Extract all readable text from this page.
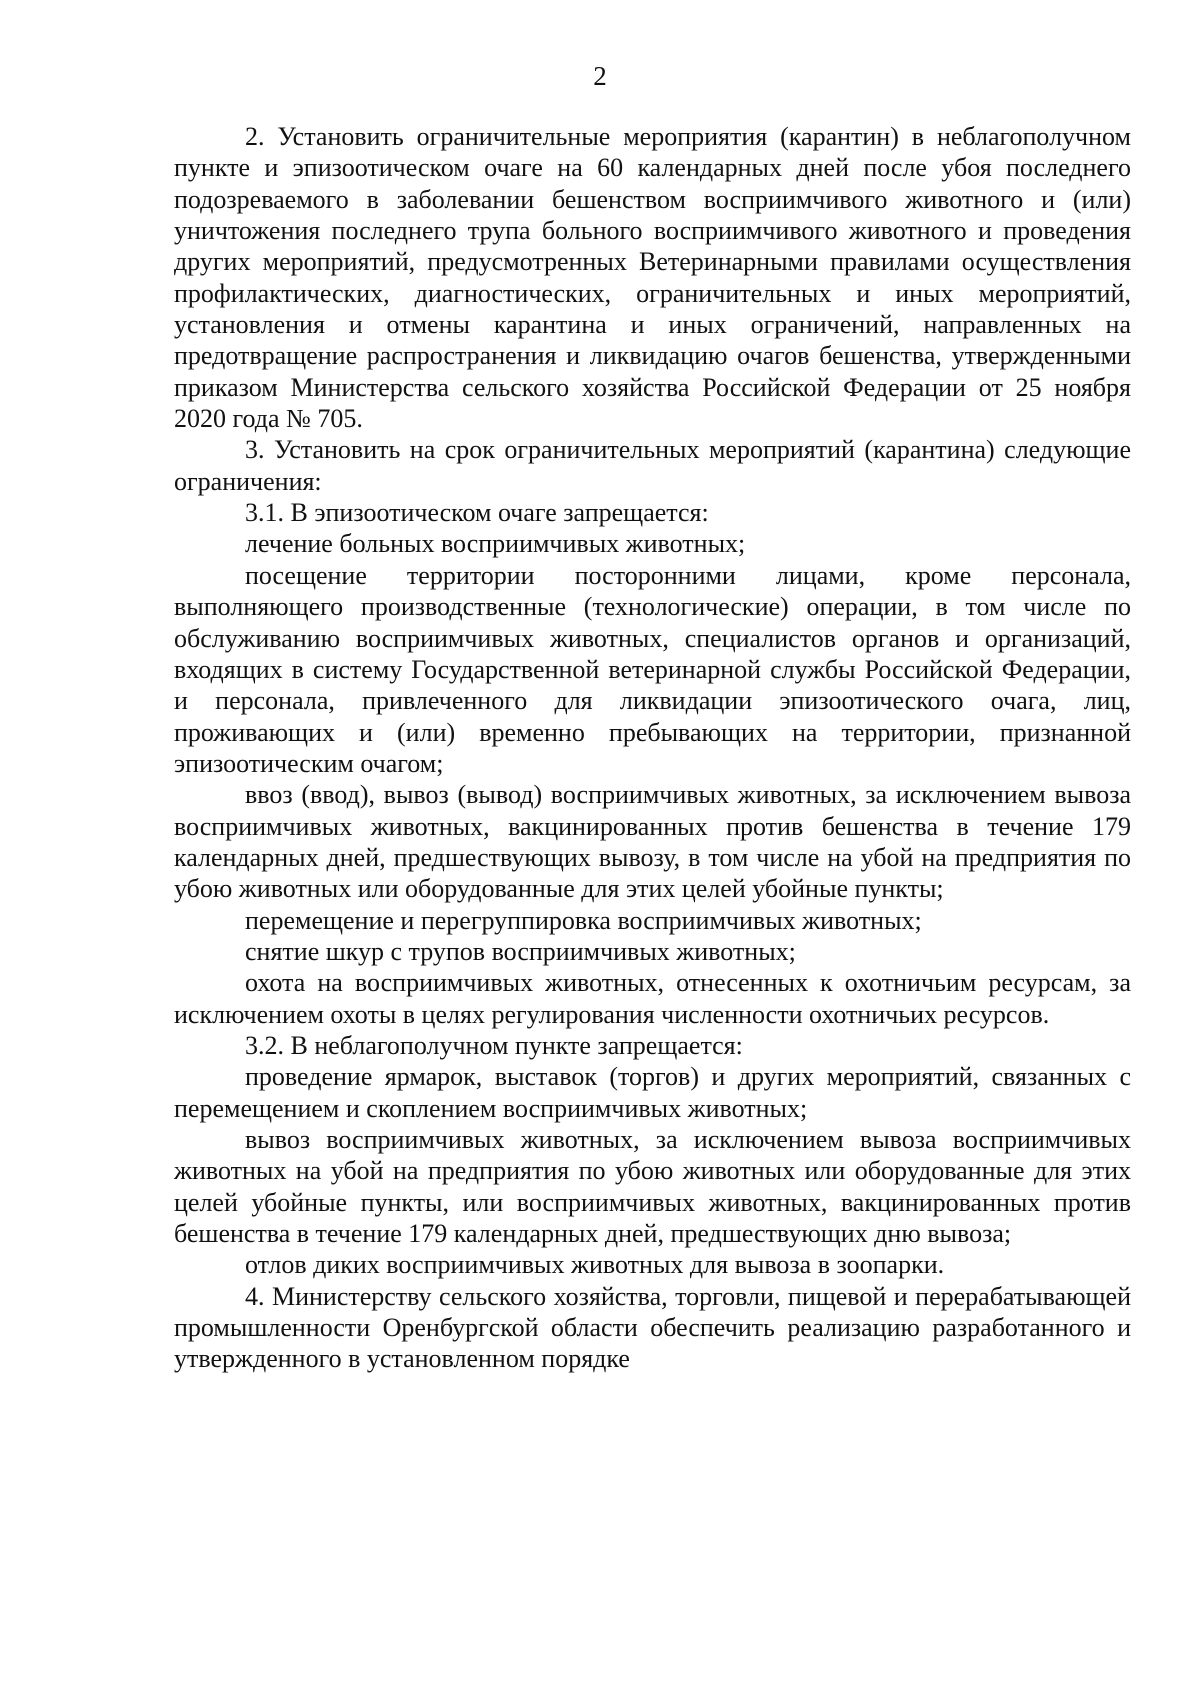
2

2. Установить ограничительные мероприятия (карантин) в неблагополучном пункте и эпизоотическом очаге на 60 календарных дней после убоя последнего подозреваемого в заболевании бешенством восприимчивого животного и (или) уничтожения последнего трупа больного восприимчивого животного и проведения других мероприятий, предусмотренных Ветеринарными правилами осуществления профилактических, диагностических, ограничительных и иных мероприятий, установления и отмены карантина и иных ограничений, направленных на предотвращение распространения и ликвидацию очагов бешенства, утвержденными приказом Министерства сельского хозяйства Российской Федерации от 25 ноября 2020 года № 705.

3. Установить на срок ограничительных мероприятий (карантина) следующие ограничения:

3.1. В эпизоотическом очаге запрещается:

лечение больных восприимчивых животных;

посещение территории посторонними лицами, кроме персонала, выполняющего производственные (технологические) операции, в том числе по обслуживанию восприимчивых животных, специалистов органов и организаций, входящих в систему Государственной ветеринарной службы Российской Федерации, и персонала, привлеченного для ликвидации эпизоотического очага, лиц, проживающих и (или) временно пребывающих на территории, признанной эпизоотическим очагом;

ввоз (ввод), вывоз (вывод) восприимчивых животных, за исключением вывоза восприимчивых животных, вакцинированных против бешенства в течение 179 календарных дней, предшествующих вывозу, в том числе на убой на предприятия по убою животных или оборудованные для этих целей убойные пункты;

перемещение и перегруппировка восприимчивых животных;

снятие шкур с трупов восприимчивых животных;

охота на восприимчивых животных, отнесенных к охотничьим ресурсам, за исключением охоты в целях регулирования численности охотничьих ресурсов.

3.2. В неблагополучном пункте запрещается:

проведение ярмарок, выставок (торгов) и других мероприятий, связанных с перемещением и скоплением восприимчивых животных;

вывоз восприимчивых животных, за исключением вывоза восприимчивых животных на убой на предприятия по убою животных или оборудованные для этих целей убойные пункты, или восприимчивых животных, вакцинированных против бешенства в течение 179 календарных дней, предшествующих дню вывоза;

отлов диких восприимчивых животных для вывоза в зоопарки.

4. Министерству сельского хозяйства, торговли, пищевой и перерабатывающей промышленности Оренбургской области обеспечить реализацию разработанного и утвержденного в установленном порядке
